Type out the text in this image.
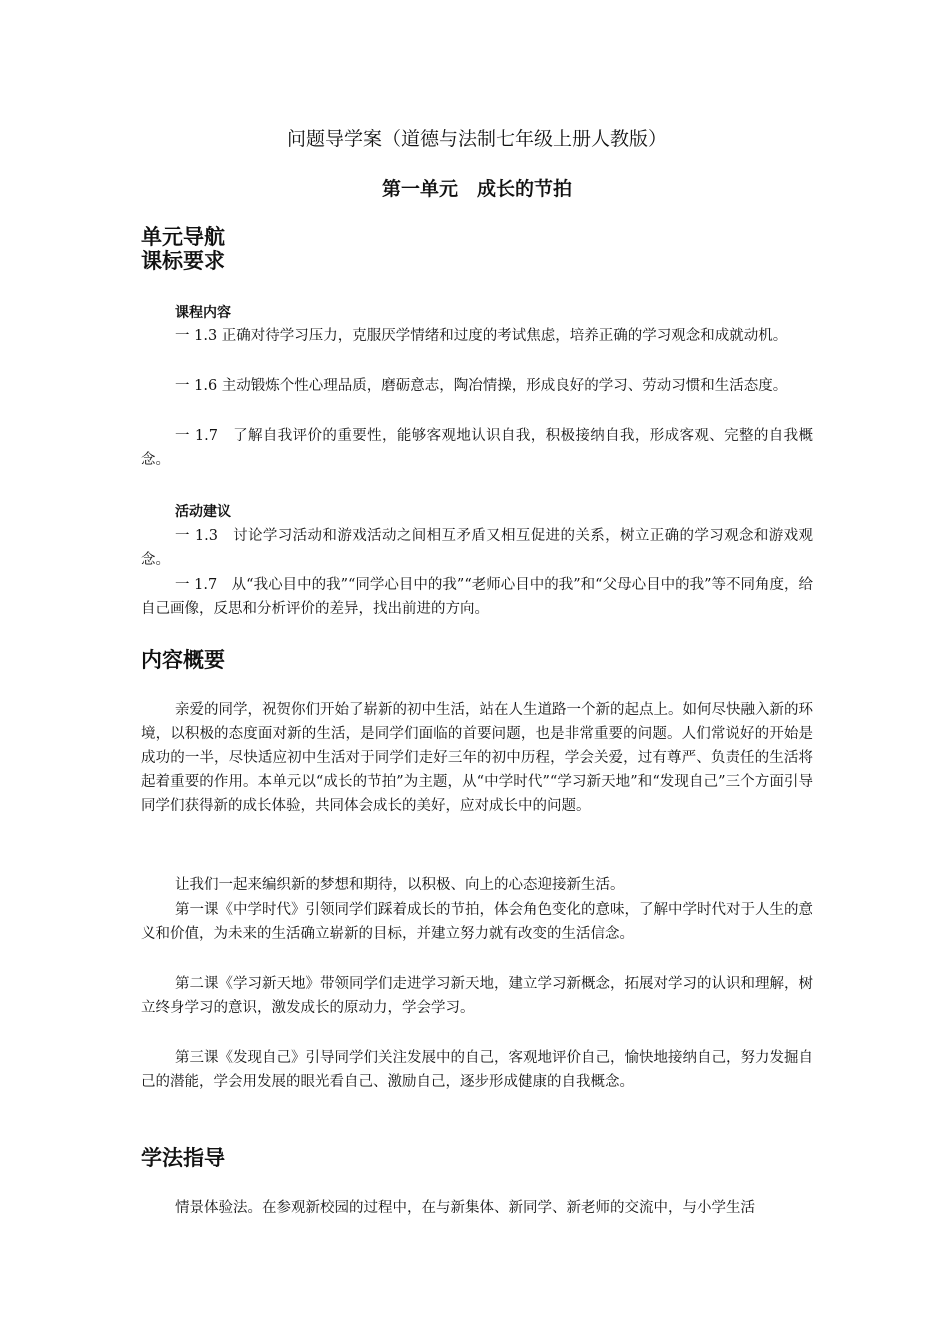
问题导学案（道德与法制七年级上册人教版）
第一单元　成长的节拍
单元导航
课标要求
课程内容

一 1.3 正确对待学习压力，克服厌学情绪和过度的考试焦虑，培养正确的学习观念和成就动机。

一 1.6 主动锻炼个性心理品质，磨砺意志，陶冶情操，形成良好的学习、劳动习惯和生活态度。

一 1.7　了解自我评价的重要性，能够客观地认识自我，积极接纳自我，形成客观、完整的自我概念。

活动建议

一 1.3　讨论学习活动和游戏活动之间相互矛盾又相互促进的关系，树立正确的学习观念和游戏观念。

一 1.7　从“我心目中的我”“同学心目中的我”“老师心目中的我”和“父母心目中的我”等不同角度，给自己画像，反思和分析评价的差异，找出前进的方向。

内容概要

亲爱的同学，祝贺你们开始了崭新的初中生活，站在人生道路一个新的起点上。如何尽快融入新的环境，以积极的态度面对新的生活，是同学们面临的首要问题，也是非常重要的问题。人们常说好的开始是成功的一半，尽快适应初中生活对于同学们走好三年的初中历程，学会关爱，过有尊严、负责任的生活将起着重要的作用。本单元以“成长的节拍”为主题，从“中学时代”“学习新天地”和“发现自己”三个方面引导同学们获得新的成长体验，共同体会成长的美好，应对成长中的问题。

让我们一起来编织新的梦想和期待，以积极、向上的心态迎接新生活。

第一课《中学时代》引领同学们踩着成长的节拍，体会角色变化的意味，了解中学时代对于人生的意义和价值，为未来的生活确立崭新的目标，并建立努力就有改变的生活信念。

第二课《学习新天地》带领同学们走进学习新天地，建立学习新概念，拓展对学习的认识和理解，树立终身学习的意识，激发成长的原动力，学会学习。

第三课《发现自己》引导同学们关注发展中的自己，客观地评价自己，愉快地接纳自己，努力发掘自己的潜能，学会用发展的眼光看自己、激励自己，逐步形成健康的自我概念。

学法指导

情景体验法。在参观新校园的过程中，在与新集体、新同学、新老师的交流中，与小学生活
